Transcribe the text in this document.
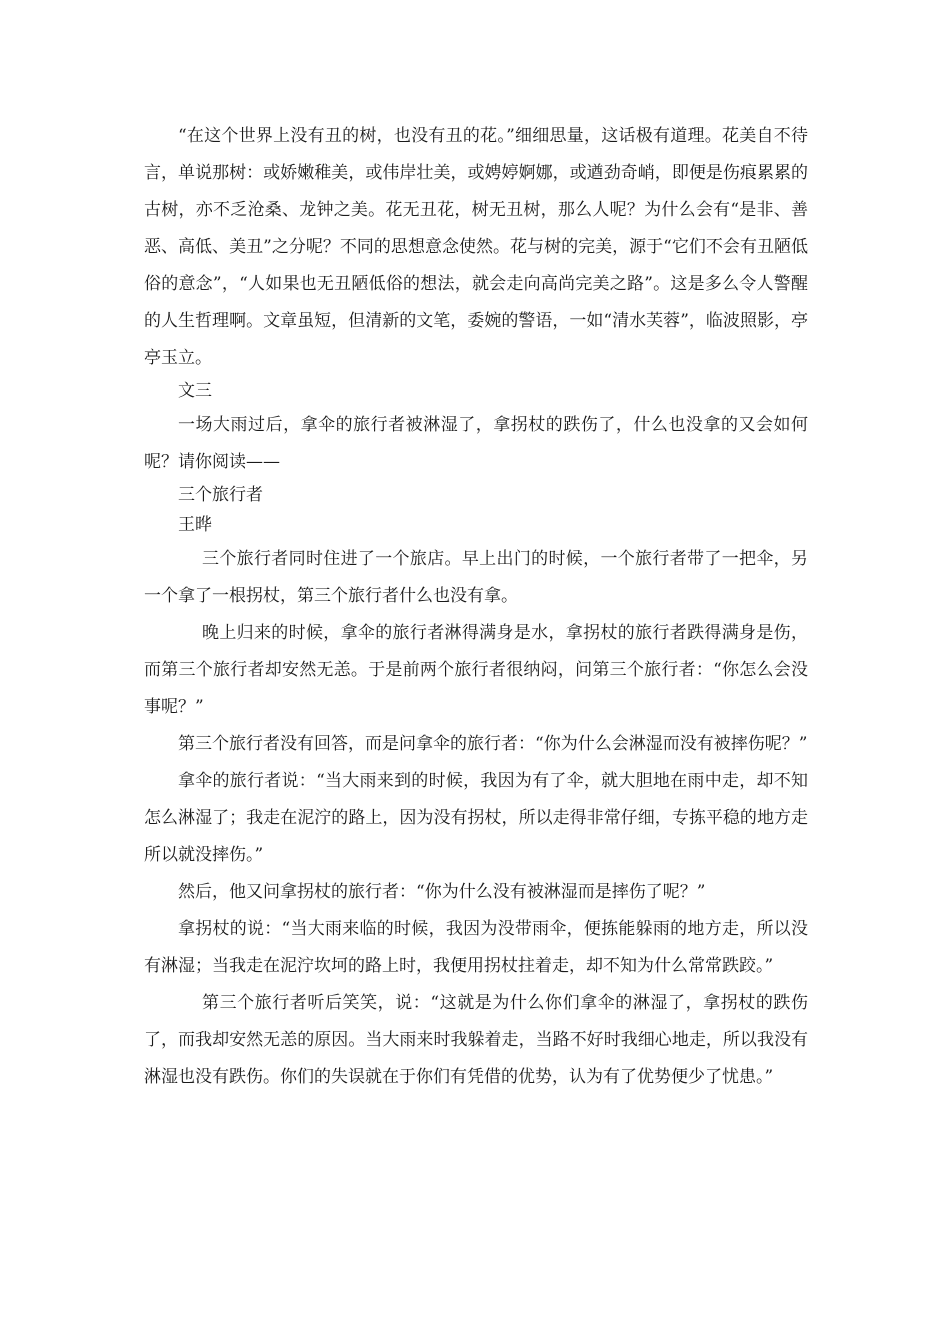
“在这个世界上没有丑的树，也没有丑的花。”细细思量，这话极有道理。花美自不待言，单说那树：或娇嫩稚美，或伟岸壮美，或娉婷婀娜，或遒劲奇峭，即便是伤痕累累的古树，亦不乏沧桑、龙钟之美。花无丑花，树无丑树，那么人呢？为什么会有“是非、善恶、高低、美丑”之分呢？不同的思想意念使然。花与树的完美，源于“它们不会有丑陋低俗的意念”，“人如果也无丑陋低俗的想法，就会走向高尚完美之路”。这是多么令人警醒的人生哲理啊。文章虽短，但清新的文笔，委婉的警语，一如“清水芙蓉”，临波照影，亭亭玉立。

文三

一场大雨过后，拿伞的旅行者被淋湿了，拿拐杖的跌伤了，什么也没拿的又会如何呢？请你阅读——

三个旅行者

王晔

三个旅行者同时住进了一个旅店。早上出门的时候，一个旅行者带了一把伞，另一个拿了一根拐杖，第三个旅行者什么也没有拿。

晚上归来的时候，拿伞的旅行者淋得满身是水，拿拐杖的旅行者跌得满身是伤，而第三个旅行者却安然无恙。于是前两个旅行者很纳闷，问第三个旅行者：“你怎么会没事呢？”

第三个旅行者没有回答，而是问拿伞的旅行者：“你为什么会淋湿而没有被摔伤呢？”

拿伞的旅行者说：“当大雨来到的时候，我因为有了伞，就大胆地在雨中走，却不知怎么淋湿了；我走在泥泞的路上，因为没有拐杖，所以走得非常仔细，专拣平稳的地方走所以就没摔伤。”

然后，他又问拿拐杖的旅行者：“你为什么没有被淋湿而是摔伤了呢？”

拿拐杖的说：“当大雨来临的时候，我因为没带雨伞，便拣能躲雨的地方走，所以没有淋湿；当我走在泥泞坎坷的路上时，我便用拐杖拄着走，却不知为什么常常跌跤。”

第三个旅行者听后笑笑，说：“这就是为什么你们拿伞的淋湿了，拿拐杖的跌伤了，而我却安然无恙的原因。当大雨来时我躲着走，当路不好时我细心地走，所以我没有淋湿也没有跌伤。你们的失误就在于你们有凭借的优势，认为有了优势便少了忧患。”
